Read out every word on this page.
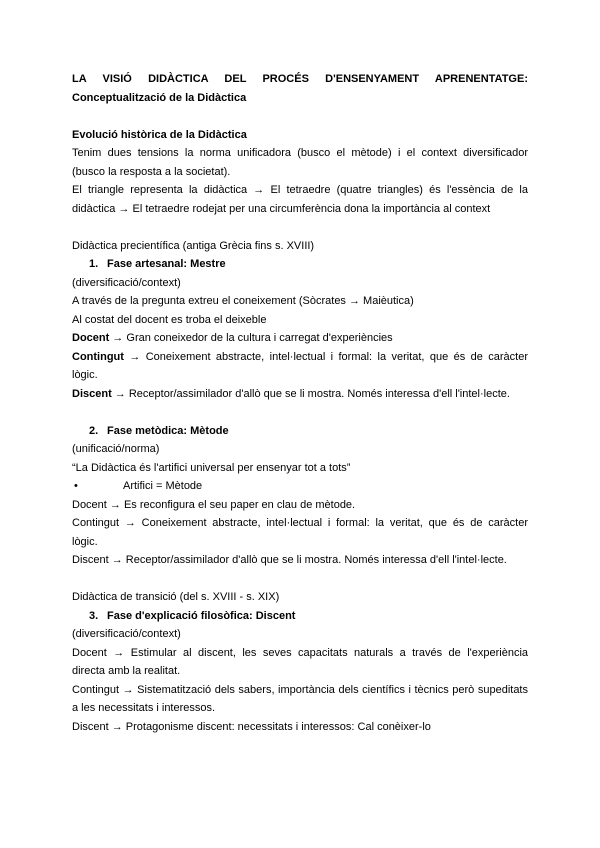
LA VISIÓ DIDÀCTICA DEL PROCÉS D'ENSENYAMENT APRENENTATGE:

Conceptualització de la Didàctica

Evolució històrica de la Didàctica

Tenim dues tensions la norma unificadora (busco el mètode) i el context diversificador

(busco la resposta a la societat).

El triangle representa la didàctica → El tetraedre (quatre triangles) és l'essència de la

didàctica → El tetraedre rodejat per una circumferència dona la importància al context

Didàctica precientífica (antiga Grècia fins s. XVIII)

1. Fase artesanal: Mestre

(diversificació/context)

A través de la pregunta extreu el coneixement (Sòcrates → Maièutica)

Al costat del docent es troba el deixeble

Docent → Gran coneixedor de la cultura i carregat d'experiències

Contingut → Coneixement abstracte, intel·lectual i formal: la veritat, que és de caràcter

lògic.

Discent → Receptor/assimilador d'allò que se li mostra. Només interessa d'ell l'intel·lecte.

2. Fase metòdica: Mètode

(unificació/norma)

“La Didàctica és l'artifici universal per ensenyar tot a tots”

•	Artifici = Mètode

Docent → Es reconfigura el seu paper en clau de mètode.

Contingut → Coneixement abstracte, intel·lectual i formal: la veritat, que és de caràcter

lògic.

Discent → Receptor/assimilador d'allò que se li mostra. Només interessa d'ell l'intel·lecte.

Didàctica de transició (del s. XVIII - s. XIX)

3. Fase d'explicació filosòfica: Discent

(diversificació/context)

Docent → Estimular al discent, les seves capacitats naturals a través de l'experiència

directa amb la realitat.

Contingut → Sistematització dels sabers, importància dels científics i tècnics però supeditats

a les necessitats i interessos.

Discent → Protagonisme discent: necessitats i interessos: Cal conèixer-lo
